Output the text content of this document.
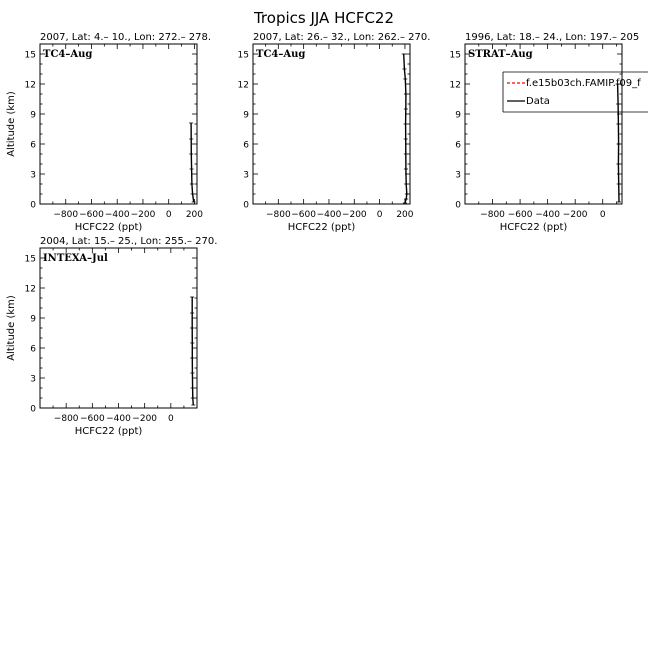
Tropics JJA HCFC22
2007, Lat: 4.– 10., Lon: 272.– 278.
TC4–Aug
0
3
6
9
12
15
−800 −600 −400 −200 0 200
HCFC22 (ppt)
Altitude (km)
2007, Lat: 26.– 32., Lon: 262.– 270.
TC4–Aug
0
3
6
9
12
15
−800 −600 −400 −200 0 200
HCFC22 (ppt)
1996, Lat: 18.– 24., Lon: 197.– 205
STRAT–Aug
0
3
6
9
12
15
−800 −600 −400 −200 0
HCFC22 (ppt)
f.e15b03ch.FAMIP.f09_f
Data
2004, Lat: 15.– 25., Lon: 255.– 270.
INTEXA–Jul
0
3
6
9
12
15
−800 −600 −400 −200 0
HCFC22 (ppt)
Altitude (km)
